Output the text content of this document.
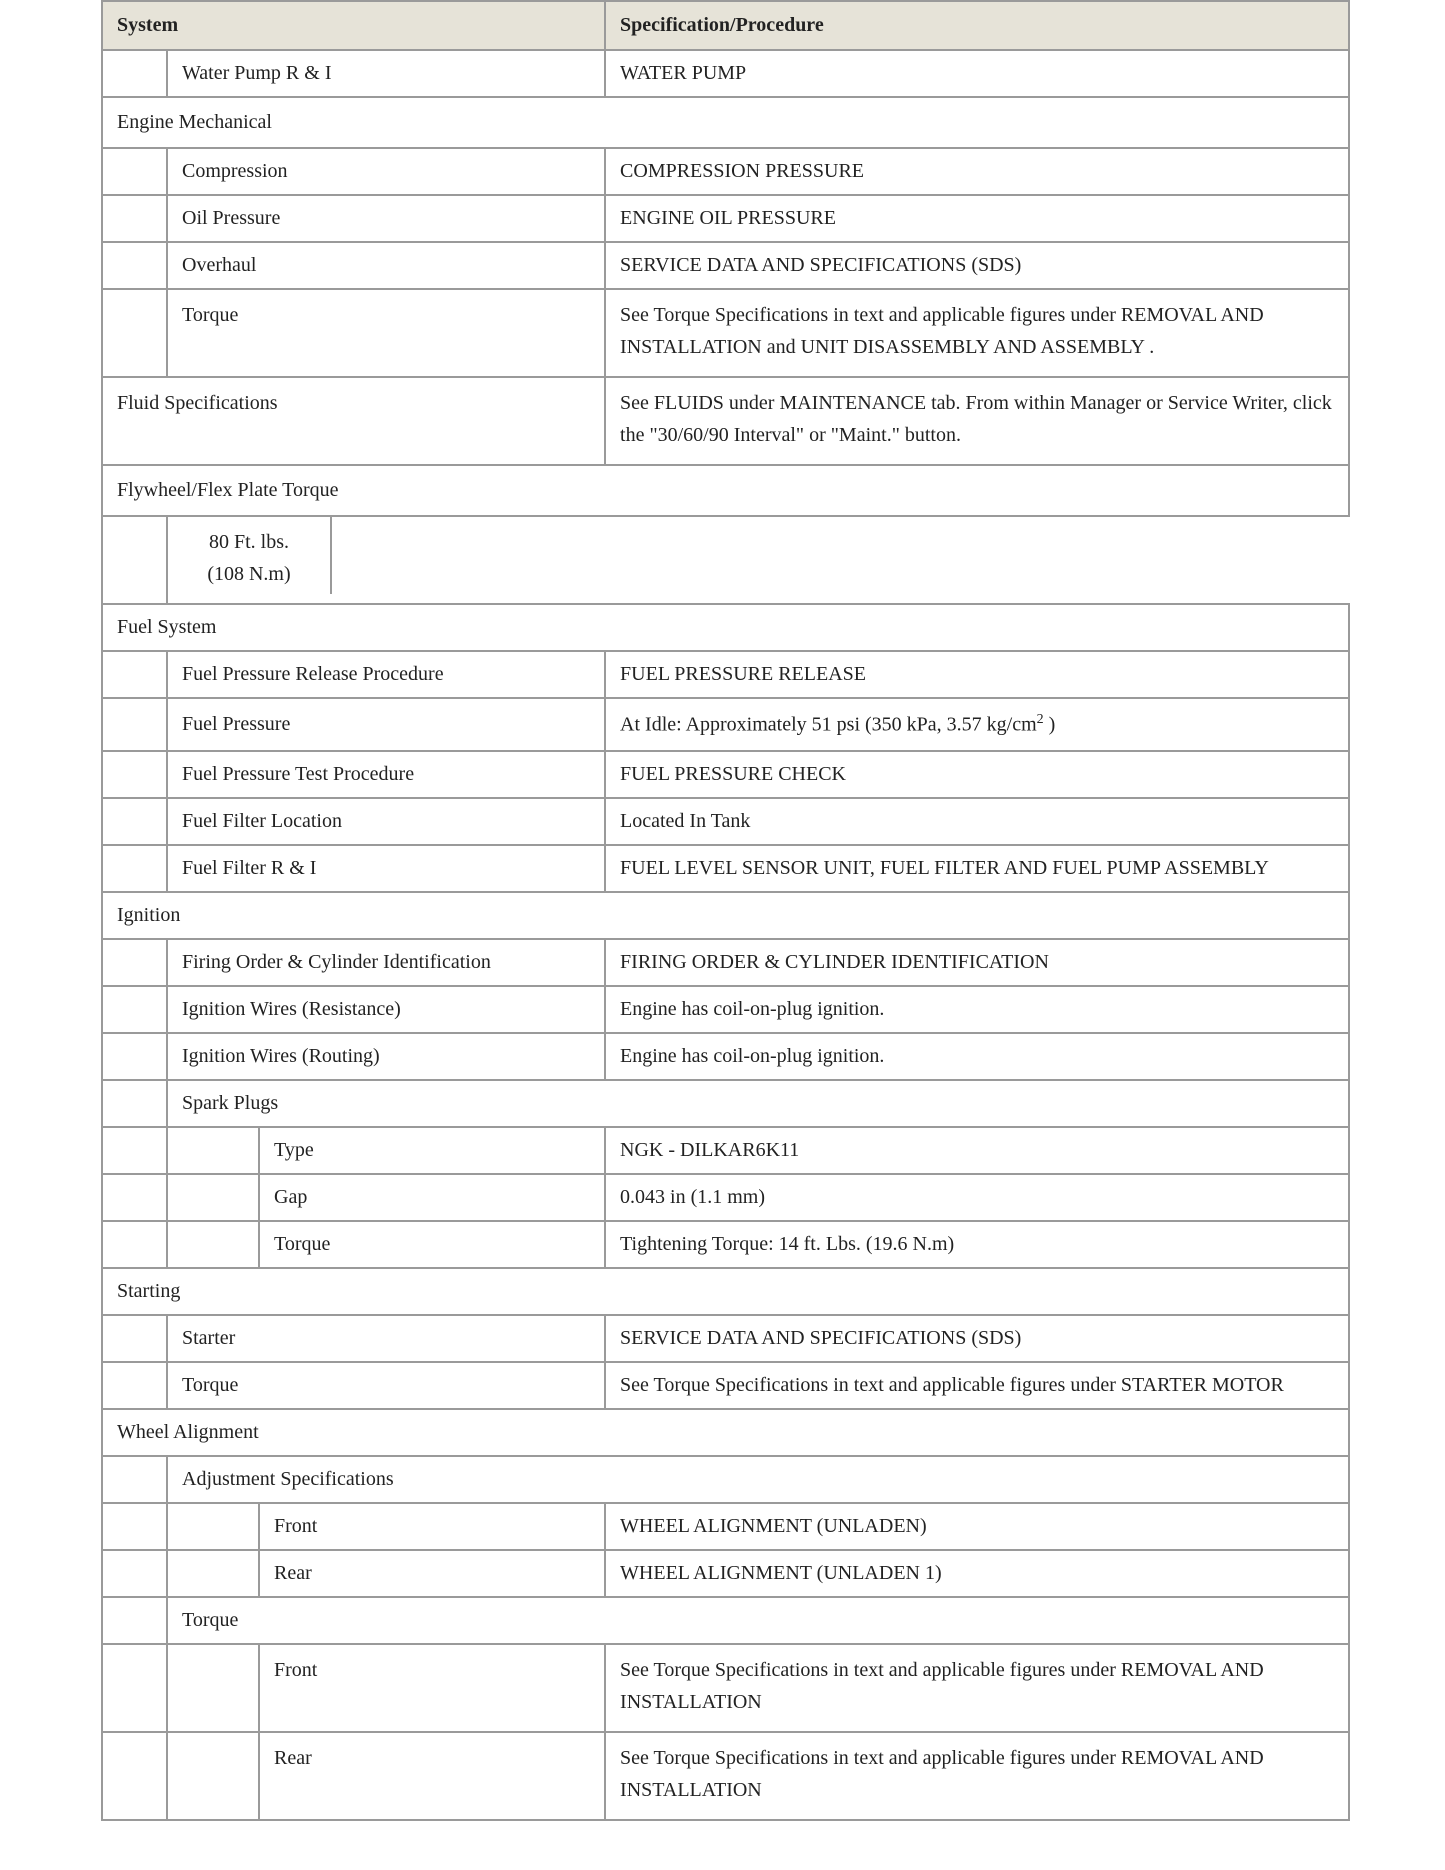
System			Specification/Procedure
	Water Pump R & I		WATER PUMP
Engine Mechanical			
	Compression		COMPRESSION PRESSURE
	Oil Pressure		ENGINE OIL PRESSURE
	Overhaul		SERVICE DATA AND SPECIFICATIONS (SDS)
	Torque		See Torque Specifications in text and applicable figures under REMOVAL AND INSTALLATION and UNIT DISASSEMBLY AND ASSEMBLY .
Fluid Specifications			See FLUIDS under MAINTENANCE tab. From within Manager or Service Writer, click the "30/60/90 Interval" or "Maint." button.
Flywheel/Flex Plate Torque			

	80 Ft. lbs.
(108 N.m)		

Fuel System			
	Fuel Pressure Release Procedure		FUEL PRESSURE RELEASE
	Fuel Pressure		At Idle: Approximately 51 psi (350 kPa, 3.57 $kg/cm^2$ )
	Fuel Pressure Test Procedure		FUEL PRESSURE CHECK
	Fuel Filter Location		Located In Tank
	Fuel Filter R & I		FUEL LEVEL SENSOR UNIT, FUEL FILTER AND FUEL PUMP ASSEMBLY
Ignition			
	Firing Order & Cylinder Identification		FIRING ORDER & CYLINDER IDENTIFICATION
	Ignition Wires (Resistance)		Engine has coil-on-plug ignition.
	Ignition Wires (Routing)		Engine has coil-on-plug ignition.
	Spark Plugs		
		Type	NGK - DILKAR6K11
		Gap	0.043 in (1.1 mm)
		Torque	Tightening Torque: 14 ft. Lbs. (19.6 N.m)
Starting			
	Starter		SERVICE DATA AND SPECIFICATIONS (SDS)
	Torque		See Torque Specifications in text and applicable figures under STARTER MOTOR
Wheel Alignment			
	Adjustment Specifications		
		Front	WHEEL ALIGNMENT (UNLADEN)
		Rear	WHEEL ALIGNMENT (UNLADEN 1)
	Torque		
		Front	See Torque Specifications in text and applicable figures under REMOVAL AND INSTALLATION
		Rear	See Torque Specifications in text and applicable figures under REMOVAL AND INSTALLATION
